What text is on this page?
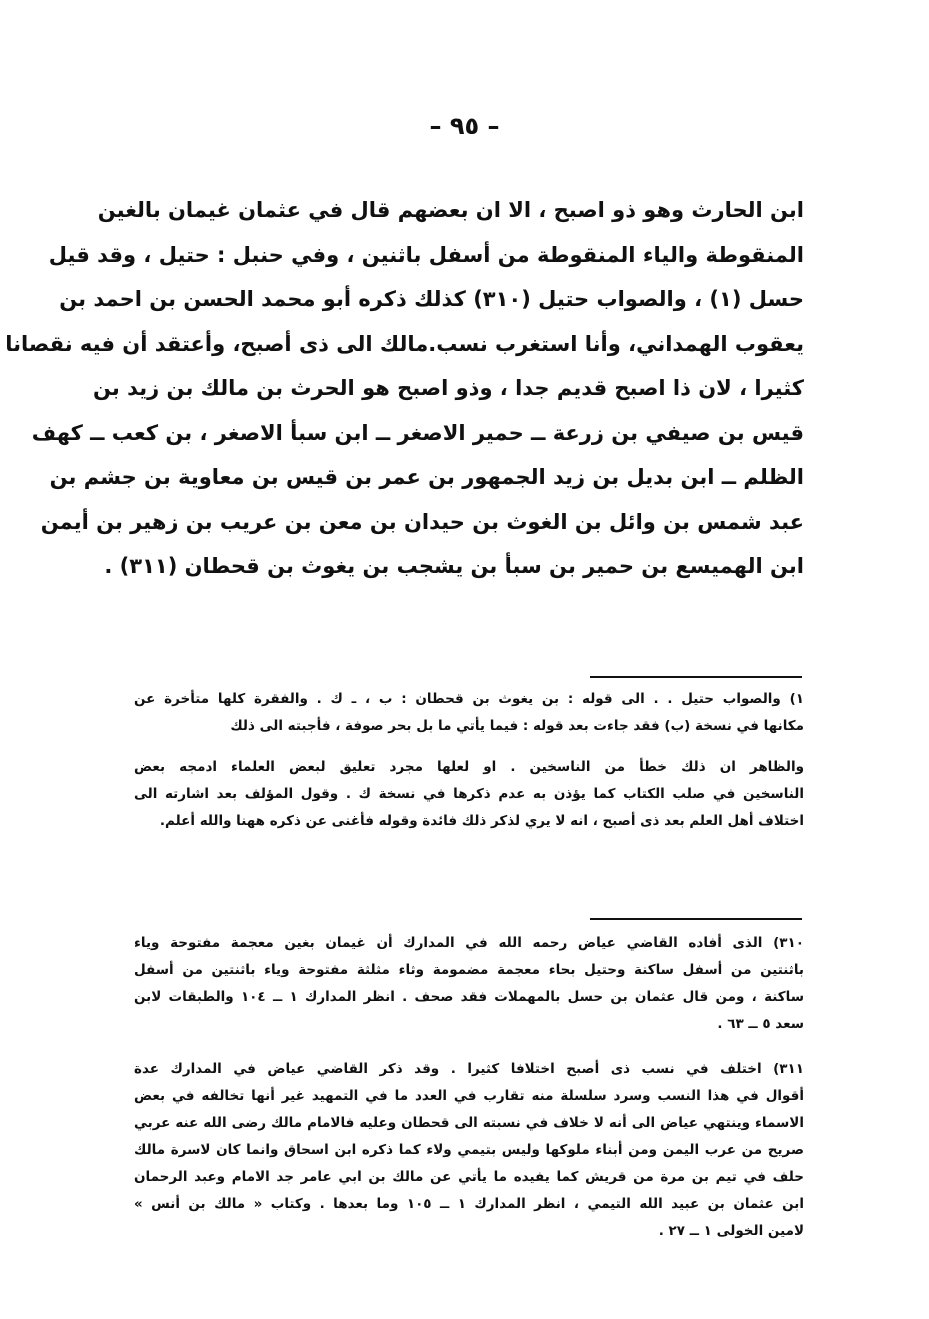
– ٩٥ –
ابن الحارث وهو ذو اصبح ، الا ان بعضهم قال في عثمان غيمان بالغين
المنقوطة والياء المنقوطة من أسفل باثنين ، وفي حنبل : حتيل ، وقد قيل
حسل (١) ، والصواب حتيل (٣١٠) كذلك ذكره أبو محمد الحسن بن احمد بن
يعقوب الهمداني، وأنا استغرب نسب.مالك الى ذى أصبح، وأعتقد أن فيه نقصانا
كثيرا ، لان ذا اصبح قديم جدا ، وذو اصبح هو الحرث بن مالك بن زيد بن
قيس بن صيفي بن زرعة ــ حمير الاصغر ــ ابن سبأ الاصغر ، بن كعب ــ كهف
الظلم ــ ابن بديل بن زيد الجمهور بن عمر بن قيس بن معاوية بن جشم بن
عبد شمس بن وائل بن الغوث بن حيدان بن معن بن عريب بن زهير بن أيمن
ابن الهميسع بن حمير بن سبأ بن يشجب بن يغوث بن قحطان (٣١١) .
١) والصواب حتيل . . الى قوله : بن يغوث بن قحطان : ب ، ـ ك . والفقرة كلها متأخرة عن
مكانها في نسخة (ب) فقد جاءت بعد قوله : فيما يأتي ما بل بحر صوفة ، فأجبته الى ذلك
والظاهر ان ذلك خطأ من الناسخين . او لعلها مجرد تعليق لبعض العلماء ادمجه بعض
الناسخين في صلب الكتاب كما يؤذن به عدم ذكرها في نسخة ك . وقول المؤلف بعد اشارته الى
اختلاف أهل العلم بعد ذى أصبح ، انه لا يري لذكر ذلك فائدة وقوله فأغنى عن ذكره ههنا والله أعلم.
٣١٠) الذى أفاده القاضي عياض رحمه الله في المدارك أن غيمان بغين معجمة مفتوحة وياء
باثنتين من أسفل ساكنة وحتيل بحاء معجمة مضمومة وثاء مثلثة مفتوحة وياء باثنتين من أسفل
ساكنة ، ومن قال عثمان بن حسل بالمهملات فقد صحف . انظر المدارك ١ ــ ١٠٤ والطبقات لابن
سعد ٥ ــ ٦٣ .
٣١١) اختلف في نسب ذى أصبح اختلافا كثيرا . وقد ذكر القاضي عياض في المدارك عدة
أقوال في هذا النسب وسرد سلسلة منه تقارب في العدد ما في التمهيد غير أنها تخالفه في بعض
الاسماء وينتهي عياض الى أنه لا خلاف في نسبته الى قحطان وعليه فالامام مالك رضى الله عنه عربي
صريح من عرب اليمن ومن أبناء ملوكها وليس بتيمي ولاء كما ذكره ابن اسحاق وانما كان لاسرة مالك
حلف في تيم بن مرة من قريش كما يفيده ما يأتي عن مالك بن ابي عامر جد الامام وعبد الرحمان
ابن عثمان بن عبيد الله التيمي ، انظر المدارك ١ ــ ١٠٥ وما بعدها . وكتاب « مالك بن أنس »
لامين الخولى ١ ــ ٢٧ .
